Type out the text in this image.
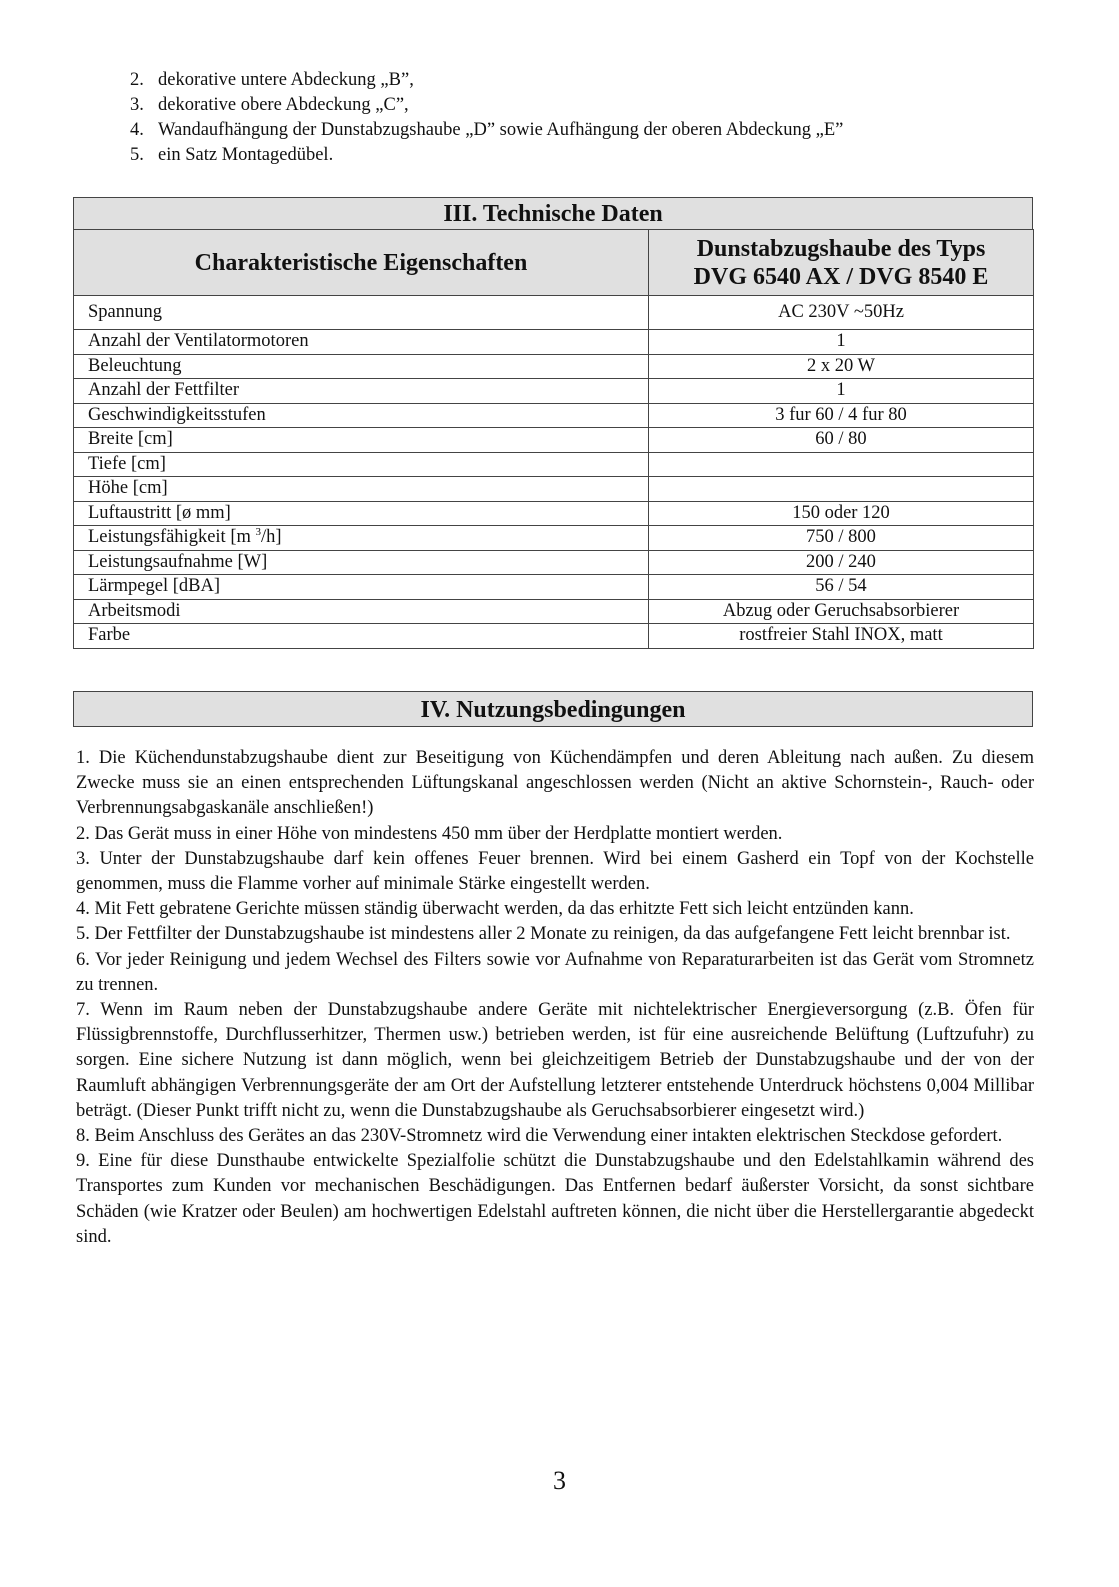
2. dekorative untere Abdeckung „B”,
3. dekorative obere Abdeckung „C”,
4. Wandaufhängung der Dunstabzugshaube „D” sowie Aufhängung der oberen Abdeckung „E”
5. ein Satz Montagedübel.
III. Technische Daten
Charakteristische Eigenschaften	Dunstabzugshaube des Typs
DVG 6540 AX / DVG 8540 E

Spannung	AC 230V ~50Hz
Anzahl der Ventilatormotoren	1
Beleuchtung	2 x 20 W
Anzahl der Fettfilter	1
Geschwindigkeitsstufen	3 fur 60 / 4 fur 80
Breite [cm]	60 / 80
Tiefe [cm]	
Höhe [cm]	
Luftaustritt [ø mm]	150 oder 120
Leistungsfähigkeit [m $^3$/h]	750 / 800
Leistungsaufnahme [W]	200 / 240
Lärmpegel [dBA]	56 / 54
Arbeitsmodi	Abzug oder Geruchsabsorbierer
Farbe	rostfreier Stahl INOX, matt
IV. Nutzungsbedingungen

1. Die Küchendunstabzugshaube dient zur Beseitigung von Küchendämpfen und deren Ableitung nach außen. Zu diesem Zwecke muss sie an einen entsprechenden Lüftungskanal angeschlossen werden (Nicht an aktive Schornstein-, Rauch- oder Verbrennungsabgaskanäle anschließen!)

2. Das Gerät muss in einer Höhe von mindestens 450 mm über der Herdplatte montiert werden.

3. Unter der Dunstabzugshaube darf kein offenes Feuer brennen. Wird bei einem Gasherd ein Topf von der Kochstelle genommen, muss die Flamme vorher auf minimale Stärke eingestellt werden.

4. Mit Fett gebratene Gerichte müssen ständig überwacht werden, da das erhitzte Fett sich leicht entzünden kann.

5. Der Fettfilter der Dunstabzugshaube ist mindestens aller 2 Monate zu reinigen, da das aufgefangene Fett leicht brennbar ist.

6. Vor jeder Reinigung und jedem Wechsel des Filters sowie vor Aufnahme von Reparaturarbeiten ist das Gerät vom Stromnetz zu trennen.

7. Wenn im Raum neben der Dunstabzugshaube andere Geräte mit nichtelektrischer Energieversorgung (z.B. Öfen für Flüssigbrennstoffe, Durchflusserhitzer, Thermen usw.) betrieben werden, ist für eine ausreichende Belüftung (Luftzufuhr) zu sorgen. Eine sichere Nutzung ist dann möglich, wenn bei gleichzeitigem Betrieb der Dunstabzugshaube und der von der Raumluft abhängigen Verbrennungsgeräte der am Ort der Aufstellung letzterer entstehende Unterdruck höchstens 0,004 Millibar beträgt. (Dieser Punkt trifft nicht zu, wenn die Dunstabzugshaube als Geruchsabsorbierer eingesetzt wird.)

8. Beim Anschluss des Gerätes an das 230V-Stromnetz wird die Verwendung einer intakten elektrischen Steckdose gefordert.

9. Eine für diese Dunsthaube entwickelte Spezialfolie schützt die Dunstabzugshaube und den Edelstahlkamin während des Transportes zum Kunden vor mechanischen Beschädigungen. Das Entfernen bedarf äußerster Vorsicht, da sonst sichtbare Schäden (wie Kratzer oder Beulen) am hochwertigen Edelstahl auftreten können, die nicht über die Herstellergarantie abgedeckt sind.

3
